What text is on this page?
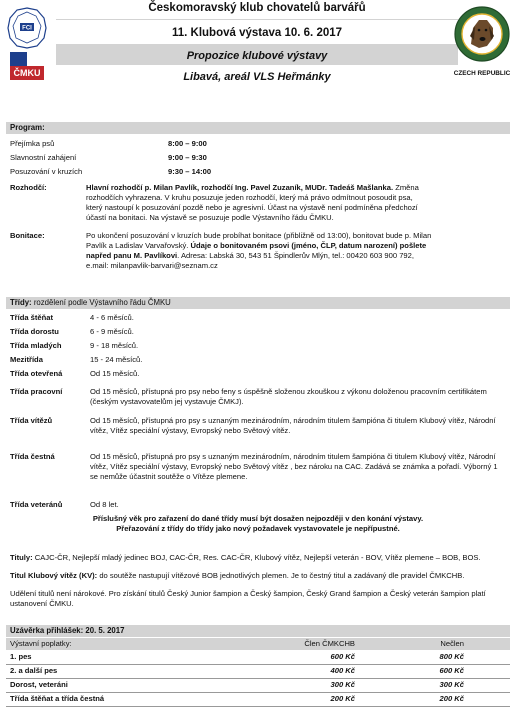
FCI
ČMKU
Českomoravský klub chovatelů barvářů
11. Klubová výstava 10. 6. 2017
Propozice klubové výstavy
Libavá, areál VLS Heřmánky	CZECH REPUBLIC
Program:
Přejímka psů	8:00 – 9:00
Slavnostní zahájení	9:00 – 9:30
Posuzování v kruzích	9:30 – 14:00
Rozhodčí:	Hlavní rozhodčí p. Milan Pavlík, rozhodčí Ing. Pavel Zuzaník, MUDr. Tadeáš Mašlanka. Změna rozhodčích vyhrazena. V kruhu posuzuje jeden rozhodčí, který má právo odmítnout posoudit psa, který nastoupí k posuzování pozdě nebo je agresivní. Účast na výstavě není podmíněna předchozí účastí na bonitaci. Na výstavě se posuzuje podle Výstavního řádu ČMKU.
Bonitace:	Po ukončení posuzování v kruzích bude probíhat bonitace (přibližně od 13:00), bonitovat bude p. Milan Pavlík a Ladislav Varvařovský. Údaje o bonitovaném psovi (jméno, ČLP, datum narození) pošlete napřed panu M. Pavlíkovi. Adresa: Labská 30, 543 51 Špindlerův Mlýn, tel.: 00420 603 900 792, e.mail: milanpavlik-barvari@seznam.cz
Třídy: rozdělení podle Výstavního řádu ČMKU
Třída štěňat	4 - 6 měsíců.
Třída dorostu	6 - 9 měsíců.
Třída mladých	9 - 18 měsíců.
Mezitřída	15 - 24 měsíců.
Třída otevřená	Od 15 měsíců.
Třída pracovní	Od 15 měsíců, přístupná pro psy nebo feny s úspěšně složenou zkouškou z výkonu doloženou pracovním certifikátem (českým vystavovatelům jej vystavuje ČMKJ).
Třída vítězů	Od 15 měsíců, přístupná pro psy s uznaným mezinárodním, národním titulem šampióna či titulem Klubový vítěz, Národní vítěz, Vítěz speciální výstavy, Evropský nebo Světový vítěz.
Třída čestná	Od 15 měsíců, přístupná pro psy s uznaným mezinárodním, národním titulem šampióna či titulem Klubový vítěz, Národní vítěz, Vítěz speciální výstavy, Evropský nebo Světový vítěz , bez nároku na CAC. Zadává se známka a pořadí. Výborný 1 se nemůže účastnit soutěže o Vítěze plemene.
Třída veteránů	Od 8 let.
Příslušný věk pro zařazení do dané třídy musí být dosažen nejpozději v den konání výstavy.
Přeřazování z třídy do třídy jako nový požadavek vystavovatele je nepřípustné.
Tituly: CAJC-ČR, Nejlepší mladý jedinec BOJ, CAC-ČR, Res. CAC-ČR, Klubový vítěz, Nejlepší veterán - BOV, Vítěz plemene – BOB, BOS.
Titul Klubový vítěz (KV): do soutěže nastupují vítězové BOB jednotlivých plemen. Je to čestný titul a zadávaný dle pravidel ČMKCHB.
Udělení titulů není nárokové. Pro získání titulů Český Junior šampion a Český šampion, Český Grand šampion a Český veterán šampion platí ustanovení ČMKU.
Uzávěrka přihlášek: 20. 5. 2017
Výstavní poplatky:	Člen ČMKCHB	Nečlen
1. pes	600 Kč	800 Kč
2. a další pes	400 Kč	600 Kč
Dorost, veteráni	300 Kč	300 Kč
Třída štěňat a třída čestná	200 Kč	200 Kč
